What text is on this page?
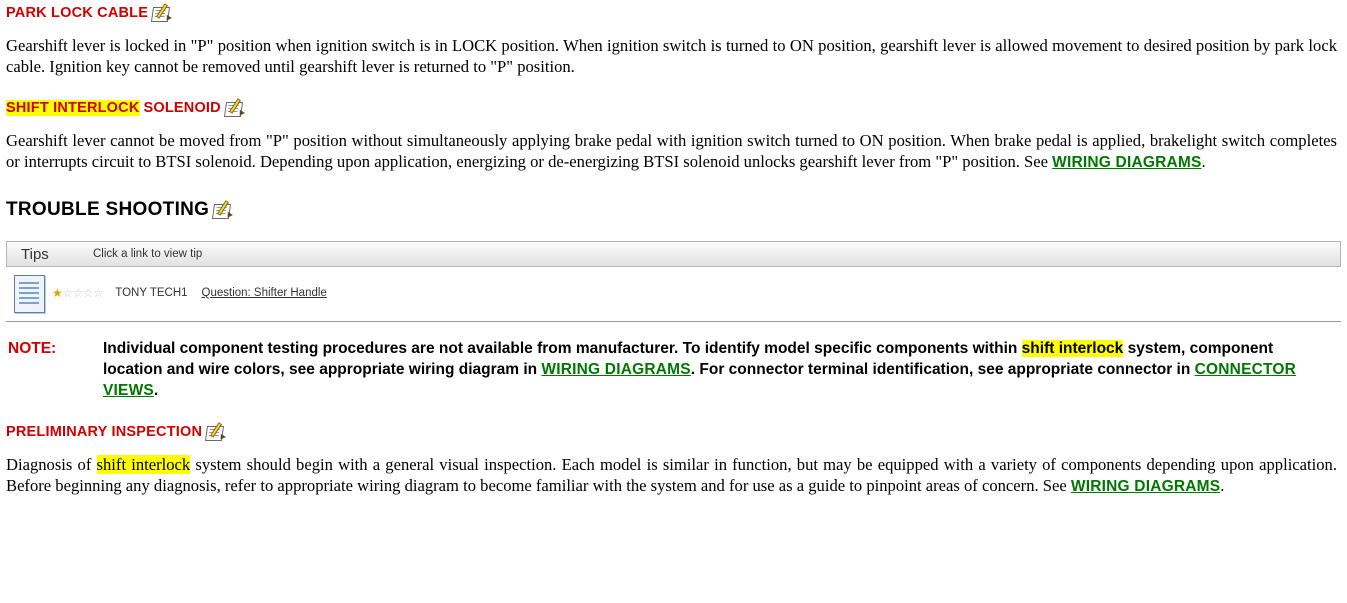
PARK LOCK CABLE
Gearshift lever is locked in "P" position when ignition switch is in LOCK position. When ignition switch is turned to ON position, gearshift lever is allowed movement to desired position by park lock cable. Ignition key cannot be removed until gearshift lever is returned to "P" position.
SHIFT INTERLOCK SOLENOID
Gearshift lever cannot be moved from "P" position without simultaneously applying brake pedal with ignition switch turned to ON position. When brake pedal is applied, brakelight switch completes or interrupts circuit to BTSI solenoid. Depending upon application, energizing or de-energizing BTSI solenoid unlocks gearshift lever from "P" position. See WIRING DIAGRAMS.
TROUBLE SHOOTING
Tips	Click a link to view tip
★☆☆☆☆	TONY TECH1	Question: Shifter Handle
NOTE:	Individual component testing procedures are not available from manufacturer. To identify model specific components within shift interlock system, component location and wire colors, see appropriate wiring diagram in WIRING DIAGRAMS. For connector terminal identification, see appropriate connector in CONNECTOR VIEWS.
PRELIMINARY INSPECTION
Diagnosis of shift interlock system should begin with a general visual inspection. Each model is similar in function, but may be equipped with a variety of components depending upon application. Before beginning any diagnosis, refer to appropriate wiring diagram to become familiar with the system and for use as a guide to pinpoint areas of concern. See WIRING DIAGRAMS.
